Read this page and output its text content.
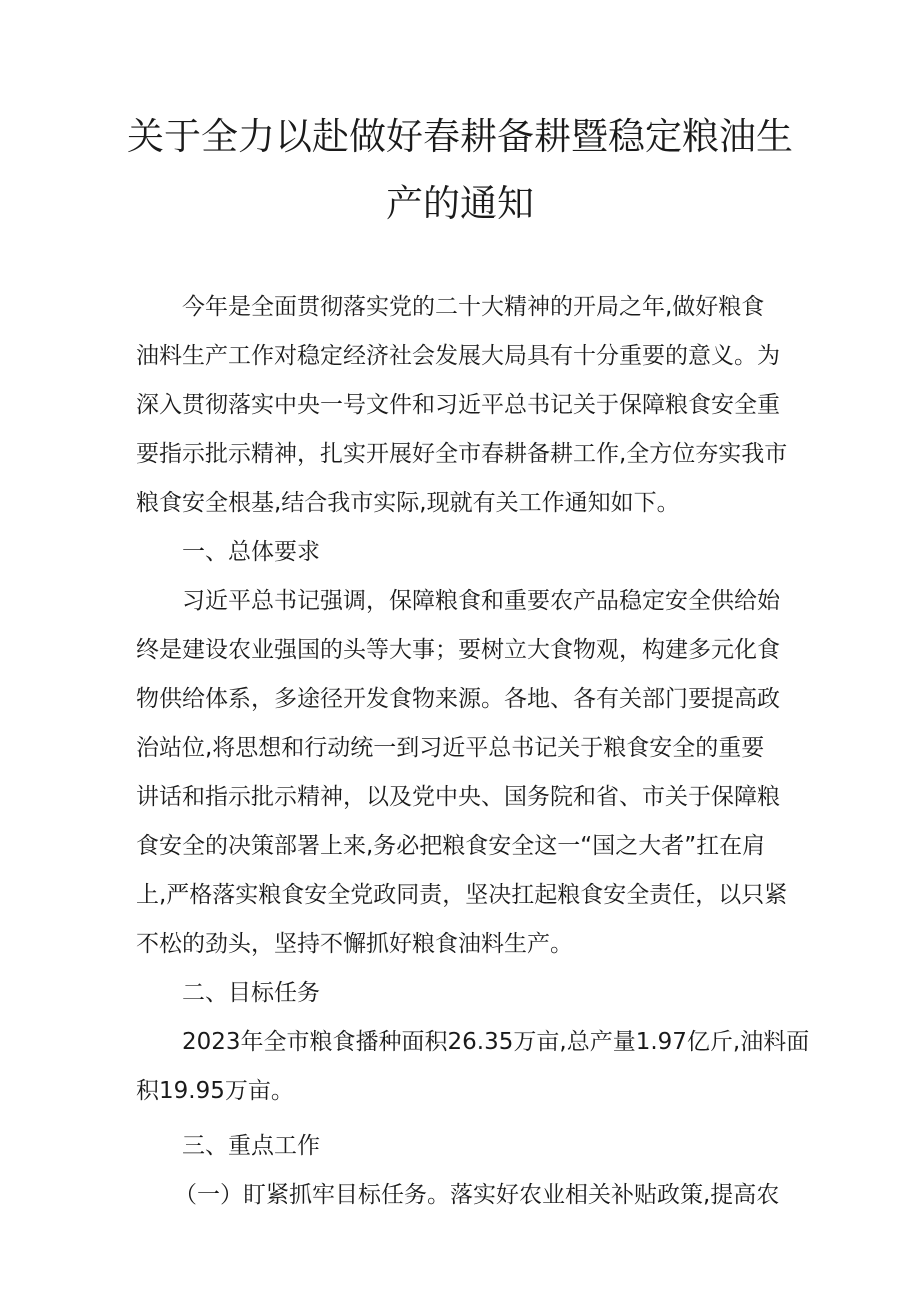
关于全力以赴做好春耕备耕暨稳定粮油生
产的通知

今年是全面贯彻落实党的二十大精神的开局之年,做好粮食

油料生产工作对稳定经济社会发展大局具有十分重要的意义。为

深入贯彻落实中央一号文件和习近平总书记关于保障粮食安全重

要指示批示精神，扎实开展好全市春耕备耕工作,全方位夯实我市

粮食安全根基,结合我市实际,现就有关工作通知如下。

一、总体要求

习近平总书记强调，保障粮食和重要农产品稳定安全供给始

终是建设农业强国的头等大事；要树立大食物观，构建多元化食

物供给体系，多途径开发食物来源。各地、各有关部门要提高政

治站位,将思想和行动统一到习近平总书记关于粮食安全的重要

讲话和指示批示精神，以及党中央、国务院和省、市关于保障粮

食安全的决策部署上来,务必把粮食安全这一“国之大者”扛在肩

上,严格落实粮食安全党政同责，坚决扛起粮食安全责任，以只紧

不松的劲头，坚持不懈抓好粮食油料生产。

二、目标任务

2023年全市粮食播种面积26.35万亩,总产量1.97亿斤,油料面

积19.95万亩。

三、重点工作

（一）盯紧抓牢目标任务。落实好农业相关补贴政策,提高农
